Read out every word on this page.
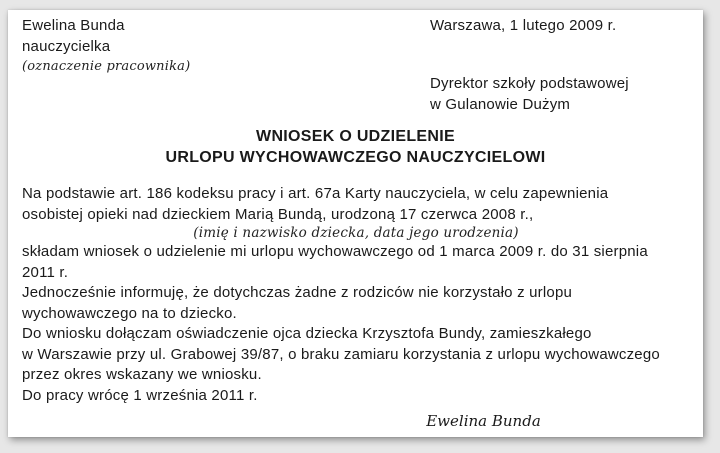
Ewelina Bunda
nauczycielka
(oznaczenie pracownika)
Warszawa, 1 lutego 2009 r.
Dyrektor szkoły podstawowej
w Gulanowie Dużym
WNIOSEK O UDZIELENIE
URLOPU WYCHOWAWCZEGO NAUCZYCIELOWI
Na podstawie art. 186 kodeksu pracy i art. 67a Karty nauczyciela, w celu zapewnienia
osobistej opieki nad dzieckiem Marią Bundą, urodzoną 17 czerwca 2008 r.,
(imię i nazwisko dziecka, data jego urodzenia)
składam wniosek o udzielenie mi urlopu wychowawczego od 1 marca 2009 r. do 31 sierpnia
2011 r.
Jednocześnie informuję, że dotychczas żadne z rodziców nie korzystało z urlopu
wychowawczego na to dziecko.
Do wniosku dołączam oświadczenie ojca dziecka Krzysztofa Bundy, zamieszkałego
w Warszawie przy ul. Grabowej 39/87, o braku zamiaru korzystania z urlopu wychowawczego
przez okres wskazany we wniosku.
Do pracy wrócę 1 września 2011 r.
Ewelina Bunda
